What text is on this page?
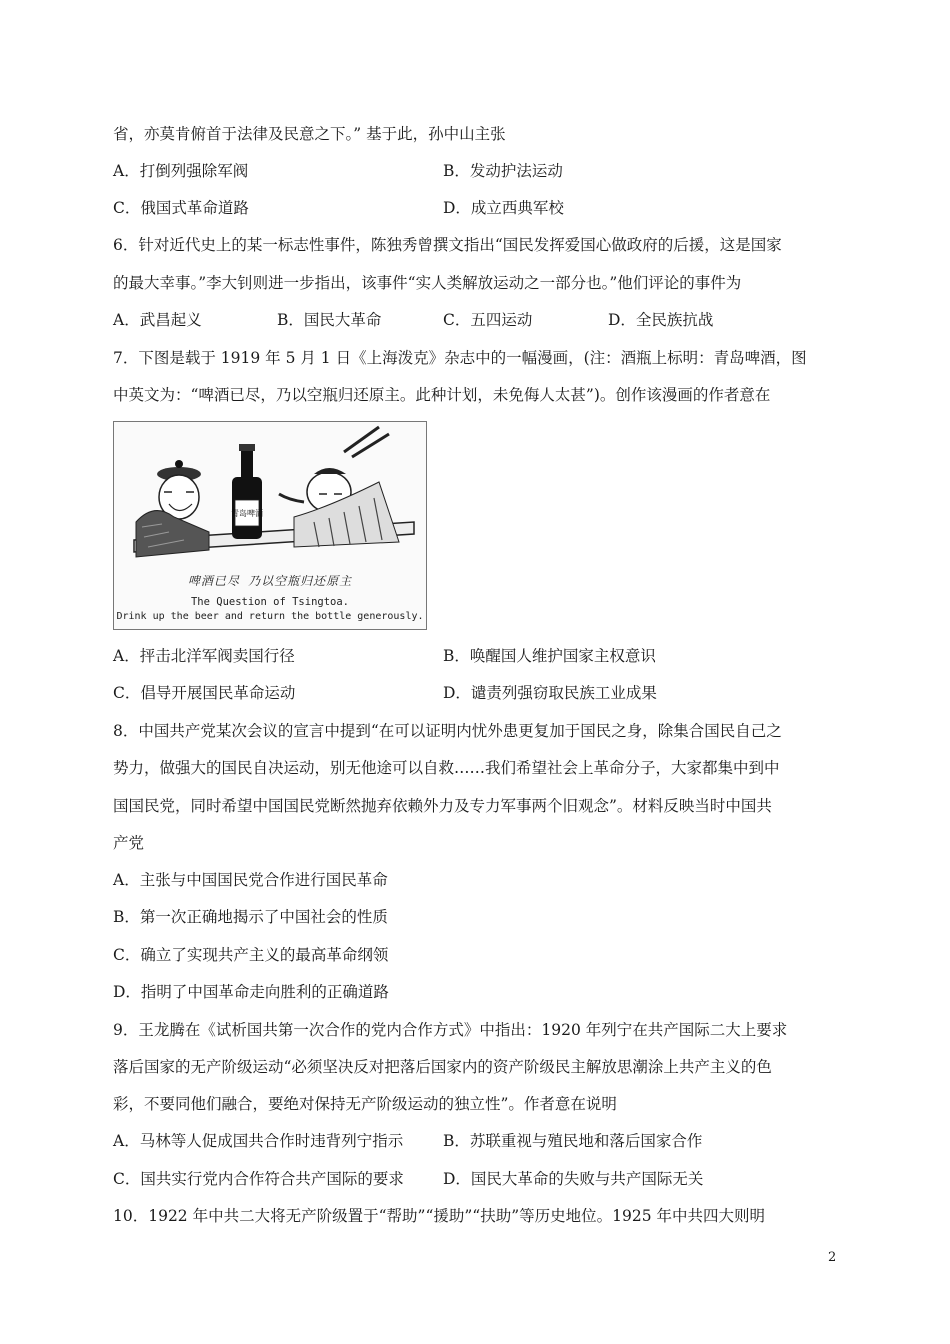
省，亦莫肯俯首于法律及民意之下。” 基于此，孙中山主张
A．打倒列强除军阀	B．发动护法运动
C．俄国式革命道路	D．成立西典军校
6．针对近代史上的某一标志性事件，陈独秀曾撰文指出“国民发挥爱国心做政府的后援，这是国家
的最大幸事。”李大钊则进一步指出，该事件“实人类解放运动之一部分也。”他们评论的事件为
A．武昌起义	B．国民大革命	C．五四运动	D．全民族抗战
7．下图是载于 1919 年 5 月 1 日《上海泼克》杂志中的一幅漫画，(注：酒瓶上标明：青岛啤酒，图
中英文为：“啤酒已尽，乃以空瓶归还原主。此种计划，未免侮人太甚”)。创作该漫画的作者意在
青岛啤酒
啤酒已尽 乃以空瓶归还原主
The Question of Tsingtoa.
Drink up the beer and return the bottle generously.
A．抨击北洋军阀卖国行径	B．唤醒国人维护国家主权意识
C．倡导开展国民革命运动	D．谴责列强窃取民族工业成果
8．中国共产党某次会议的宣言中提到“在可以证明内忧外患更复加于国民之身，除集合国民自己之
势力，做强大的国民自决运动，别无他途可以自救……我们希望社会上革命分子，大家都集中到中
国国民党，同时希望中国国民党断然抛弃依赖外力及专力军事两个旧观念”。材料反映当时中国共
产党
A．主张与中国国民党合作进行国民革命
B．第一次正确地揭示了中国社会的性质
C．确立了实现共产主义的最高革命纲领
D．指明了中国革命走向胜利的正确道路
9．王龙腾在《试析国共第一次合作的党内合作方式》中指出：1920 年列宁在共产国际二大上要求
落后国家的无产阶级运动“必须坚决反对把落后国家内的资产阶级民主解放思潮涂上共产主义的色
彩，不要同他们融合，要绝对保持无产阶级运动的独立性”。作者意在说明
A．马林等人促成国共合作时违背列宁指示	B．苏联重视与殖民地和落后国家合作
C．国共实行党内合作符合共产国际的要求	D．国民大革命的失败与共产国际无关
10．1922 年中共二大将无产阶级置于“帮助”“援助”“扶助”等历史地位。1925 年中共四大则明
2
